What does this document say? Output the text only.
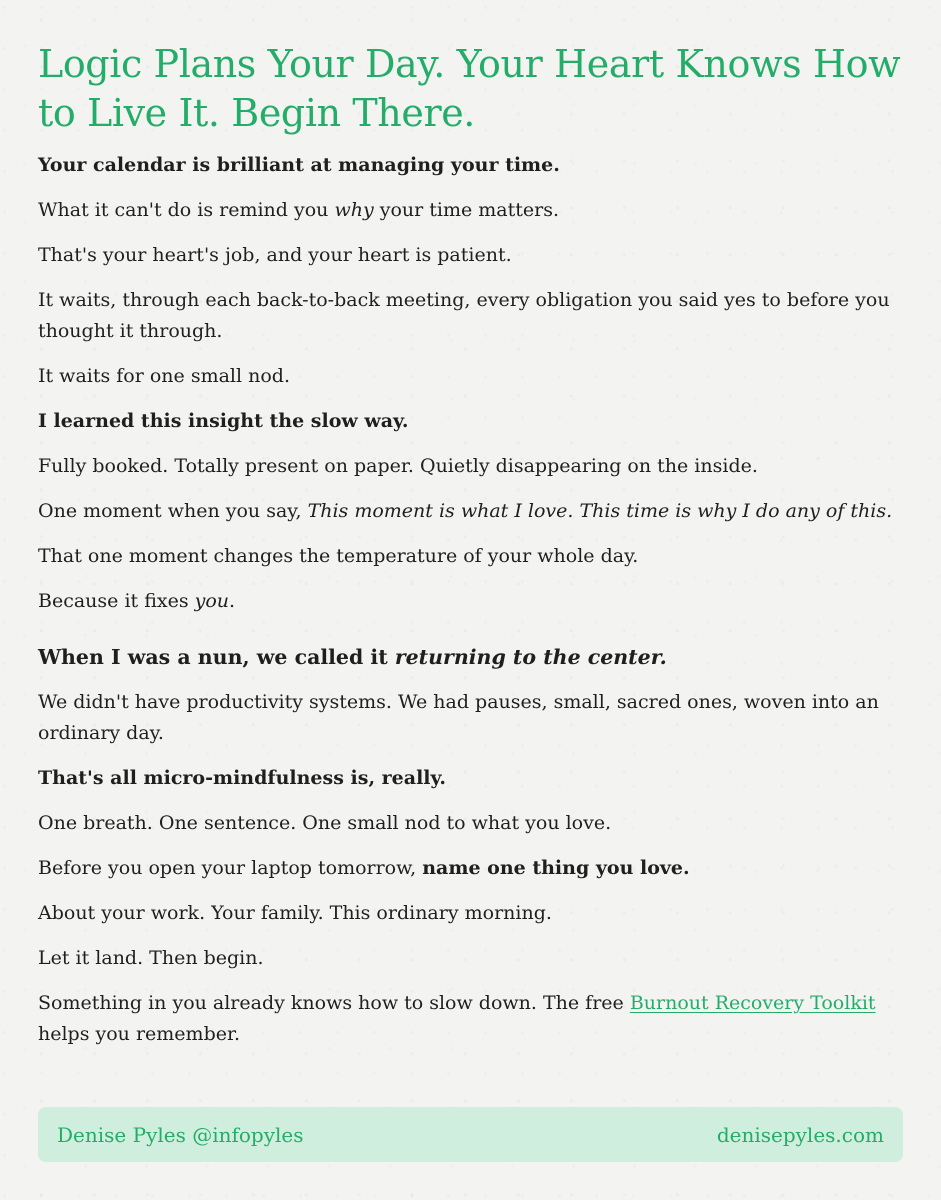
Logic Plans Your Day. Your Heart Knows How to Live It. Begin There.

Your calendar is brilliant at managing your time.

What it can't do is remind you why your time matters.

That's your heart's job, and your heart is patient.

It waits, through each back-to-back meeting, every obligation you said yes to before you thought it through.

It waits for one small nod.

I learned this insight the slow way.

Fully booked. Totally present on paper. Quietly disappearing on the inside.

One moment when you say, This moment is what I love. This time is why I do any of this.

That one moment changes the temperature of your whole day.

Because it fixes you.

When I was a nun, we called it returning to the center.

We didn't have productivity systems. We had pauses, small, sacred ones, woven into an ordinary day.

That's all micro-mindfulness is, really.

One breath. One sentence. One small nod to what you love.

Before you open your laptop tomorrow, name one thing you love.

About your work. Your family. This ordinary morning.

Let it land. Then begin.

Something in you already knows how to slow down. The free Burnout Recovery Toolkit helps you remember.

Denise Pyles @infopyles	denisepyles.com
